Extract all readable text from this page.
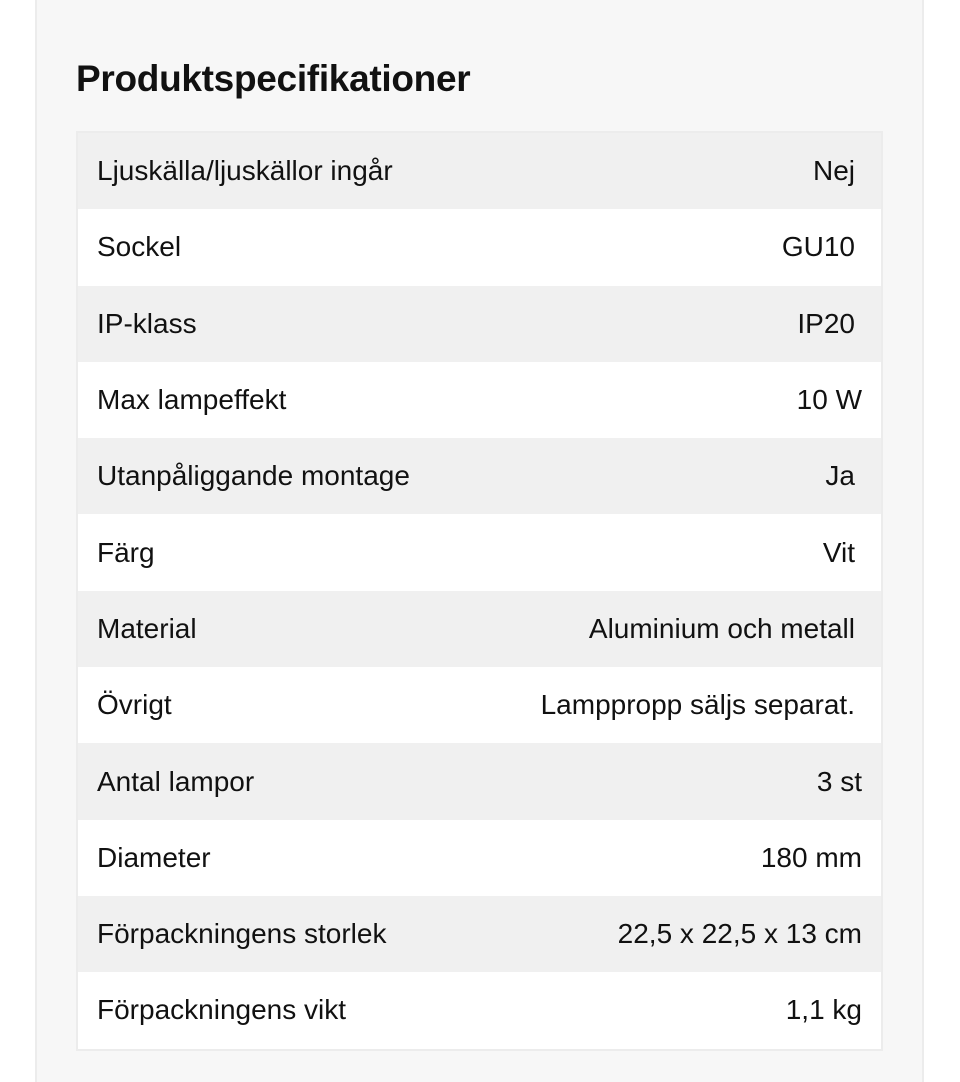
Produktspecifikationer
Ljuskälla/ljuskällor ingår	Nej
Sockel	GU10
IP-klass	IP20
Max lampeffekt	10 W
Utanpåliggande montage	Ja
Färg	Vit
Material	Aluminium och metall
Övrigt	Lamppropp säljs separat.
Antal lampor	3 st
Diameter	180 mm
Förpackningens storlek	22,5 x 22,5 x 13 cm
Förpackningens vikt	1,1 kg
